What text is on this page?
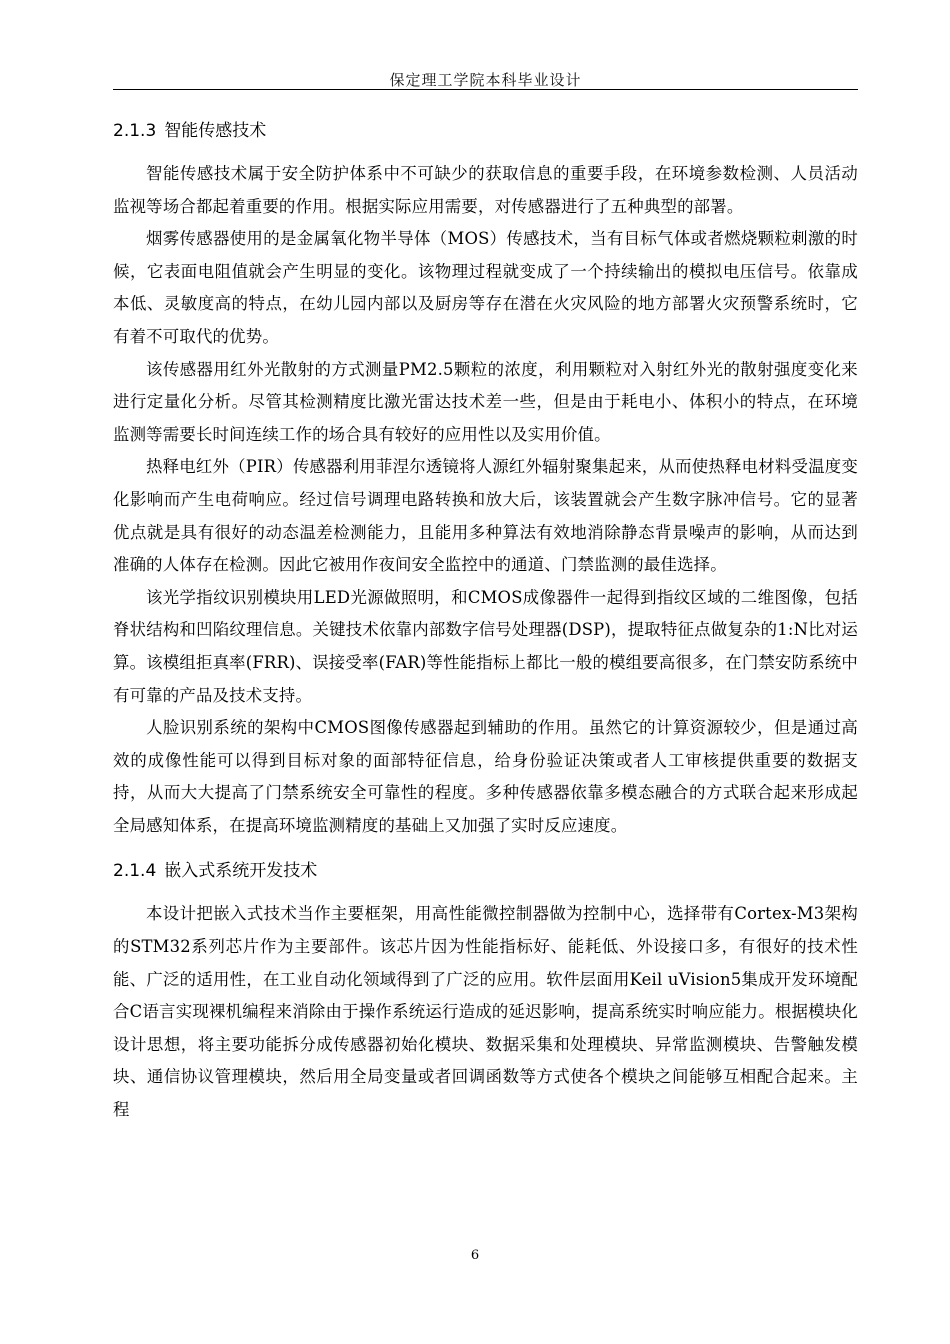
保定理工学院本科毕业设计
2.1.3 智能传感技术

智能传感技术属于安全防护体系中不可缺少的获取信息的重要手段，在环境参数检测、人员活动监视等场合都起着重要的作用。根据实际应用需要，对传感器进行了五种典型的部署。

烟雾传感器使用的是金属氧化物半导体（MOS）传感技术，当有目标气体或者燃烧颗粒刺激的时候，它表面电阻值就会产生明显的变化。该物理过程就变成了一个持续输出的模拟电压信号。依靠成本低、灵敏度高的特点，在幼儿园内部以及厨房等存在潜在火灾风险的地方部署火灾预警系统时，它有着不可取代的优势。

该传感器用红外光散射的方式测量PM2.5颗粒的浓度，利用颗粒对入射红外光的散射强度变化来进行定量化分析。尽管其检测精度比激光雷达技术差一些，但是由于耗电小、体积小的特点，在环境监测等需要长时间连续工作的场合具有较好的应用性以及实用价值。

热释电红外（PIR）传感器利用菲涅尔透镜将人源红外辐射聚集起来，从而使热释电材料受温度变化影响而产生电荷响应。经过信号调理电路转换和放大后，该装置就会产生数字脉冲信号。它的显著优点就是具有很好的动态温差检测能力，且能用多种算法有效地消除静态背景噪声的影响，从而达到准确的人体存在检测。因此它被用作夜间安全监控中的通道、门禁监测的最佳选择。

该光学指纹识别模块用LED光源做照明，和CMOS成像器件一起得到指纹区域的二维图像，包括脊状结构和凹陷纹理信息。关键技术依靠内部数字信号处理器(DSP)，提取特征点做复杂的1:N比对运算。该模组拒真率(FRR)、误接受率(FAR)等性能指标上都比一般的模组要高很多，在门禁安防系统中有可靠的产品及技术支持。

人脸识别系统的架构中CMOS图像传感器起到辅助的作用。虽然它的计算资源较少，但是通过高效的成像性能可以得到目标对象的面部特征信息，给身份验证决策或者人工审核提供重要的数据支持，从而大大提高了门禁系统安全可靠性的程度。多种传感器依靠多模态融合的方式联合起来形成起全局感知体系，在提高环境监测精度的基础上又加强了实时反应速度。

2.1.4 嵌入式系统开发技术

本设计把嵌入式技术当作主要框架，用高性能微控制器做为控制中心，选择带有Cortex-M3架构的STM32系列芯片作为主要部件。该芯片因为性能指标好、能耗低、外设接口多，有很好的技术性能、广泛的适用性，在工业自动化领域得到了广泛的应用。软件层面用Keil uVision5集成开发环境配合C语言实现裸机编程来消除由于操作系统运行造成的延迟影响，提高系统实时响应能力。根据模块化设计思想，将主要功能拆分成传感器初始化模块、数据采集和处理模块、异常监测模块、告警触发模块、通信协议管理模块，然后用全局变量或者回调函数等方式使各个模块之间能够互相配合起来。主程

6
